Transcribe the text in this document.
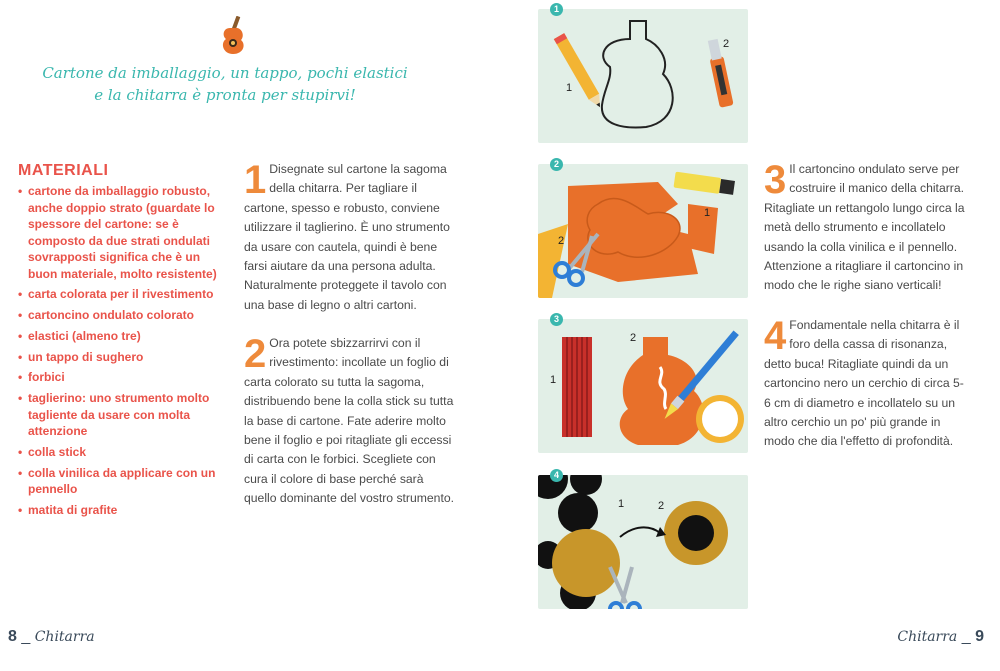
Cartone da imballaggio, un tappo, pochi elastici
e la chitarra è pronta per stupirvi!
MATERIALI
• cartone da imballaggio robusto, anche doppio strato (guardate lo spessore del cartone: se è composto da due strati ondulati sovrapposti significa che è un buon materiale, molto resistente)
• carta colorata per il rivestimento
• cartoncino ondulato colorato
• elastici (almeno tre)
• un tappo di sughero
• forbici
• taglierino: uno strumento molto tagliente da usare con molta attenzione
• colla stick
• colla vinilica da applicare con un pennello
• matita di grafite
1 Disegnate sul cartone la sagoma della chitarra. Per tagliare il cartone, spesso e robusto, conviene utilizzare il taglierino. È uno strumento da usare con cautela, quindi è bene farsi aiutare da una persona adulta. Naturalmente proteggete il tavolo con una base di legno o altri cartoni.
2 Ora potete sbizzarrirvi con il rivestimento: incollate un foglio di carta colorato su tutta la sagoma, distribuendo bene la colla stick su tutta la base di cartone. Fate aderire molto bene il foglio e poi ritagliate gli eccessi di carta con le forbici. Scegliete con cura il colore di base perché sarà quello dominante del vostro strumento.
3 Il cartoncino ondulato serve per costruire il manico della chitarra. Ritagliate un rettangolo lungo circa la metà dello strumento e incollatelo usando la colla vinilica e il pennello. Attenzione a ritagliare il cartoncino in modo che le righe siano verticali!
4 Fondamentale nella chitarra è il foro della cassa di risonanza, detto buca! Ritagliate quindi da un cartoncino nero un cerchio di circa 5-6 cm di diametro e incollatelo su un altro cerchio un po' più grande in modo che dia l'effetto di profondità.
1
1
2
2
1
2
3
1
2
4
1	2
8 _ Chitarra	Chitarra _ 9
